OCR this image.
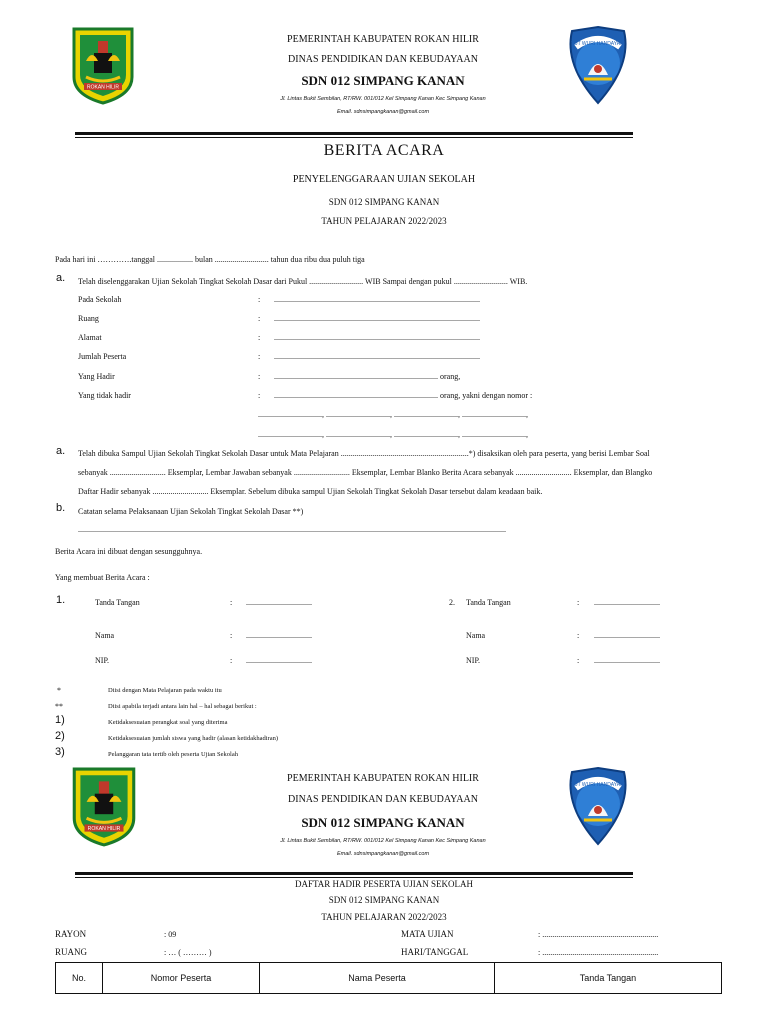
ROKAN HILIR
TUT WURI HANDAYANI
PEMERINTAH KABUPATEN ROKAN HILIR
DINAS PENDIDIKAN DAN KEBUDAYAAN
SDN 012 SIMPANG KANAN
Jl. Lintas Bukit Sembilan, RT/RW. 001/012 Kel Simpang Kanan Kec Simpang Kanan
Email. sdnsimpangkanan@gmail.com
BERITA ACARA
PENYELENGGARAAN UJIAN SEKOLAH
SDN 012 SIMPANG KANAN
TAHUN PELAJARAN 2022/2023
Pada hari ini ………….tanggal .................. bulan ........................... tahun dua ribu dua puluh tiga
a. Telah diselenggarakan Ujian Sekolah Tingkat Sekolah Dasar dari Pukul ........................... WIB Sampai dengan pukul ........................... WIB.
Pada Sekolah	: .......................................................................................................
Ruang	: .......................................................................................................
Alamat	: .......................................................................................................
Jumlah Peserta	: .......................................................................................................
Yang Hadir	: .................................................................................. orang,
Yang tidak hadir	: .................................................................................. orang, yakni dengan nomor :
................................, ................................, ................................, ................................,
................................, ................................, ................................, ................................,
a. Telah dibuka Sampul Ujian Sekolah Tingkat Sekolah Dasar untuk Mata Pelajaran ................................................................*) disaksikan oleh para peserta, yang berisi Lembar Soal
sebanyak ............................ Eksemplar, Lembar Jawaban sebanyak ............................ Eksemplar, Lembar Blanko Berita Acara sebanyak ............................ Eksemplar, dan Blangko
Daftar Hadir sebanyak ............................ Eksemplar. Sebelum dibuka sampul Ujian Sekolah Tingkat Sekolah Dasar tersebut dalam keadaan baik.
b. Catatan selama Pelaksanaan Ujian Sekolah Tingkat Sekolah Dasar **)
......................................................................................................................................................................................................................
Berita Acara ini dibuat dengan sesungguhnya.
Yang membuat Berita Acara :
1.	Tanda Tangan	: .................................
Nama	: .................................
NIP.	: .................................
2. Tanda Tangan	: .................................
Nama	: .................................
NIP.	: .................................
*	Diisi dengan Mata Pelajaran pada waktu itu
**	Diisi apabila terjadi antara lain hal – hal sebagai berikut :
1)	Ketidaksesuaian perangkat soal yang diterima
2)	Ketidaksesuaian jumlah siswa yang hadir (alasan ketidakhadiran)
3)	Pelanggaran tata tertib oleh peserta Ujian Sekolah
ROKAN HILIR
TUT WURI HANDAYANI
PEMERINTAH KABUPATEN ROKAN HILIR
DINAS PENDIDIKAN DAN KEBUDAYAAN
SDN 012 SIMPANG KANAN
Jl. Lintas Bukit Sembilan, RT/RW. 001/012 Kel Simpang Kanan Kec Simpang Kanan
Email. sdnsimpangkanan@gmail.com
DAFTAR HADIR PESERTA UJIAN SEKOLAH
SDN 012 SIMPANG KANAN
TAHUN PELAJARAN 2022/2023
RAYON	: 09
RUANG	: … ( ……… )
MATA UJIAN	: ..........................................................
HARI/TANGGAL	: ..........................................................
No.	Nomor Peserta	Nama Peserta	Tanda Tangan
